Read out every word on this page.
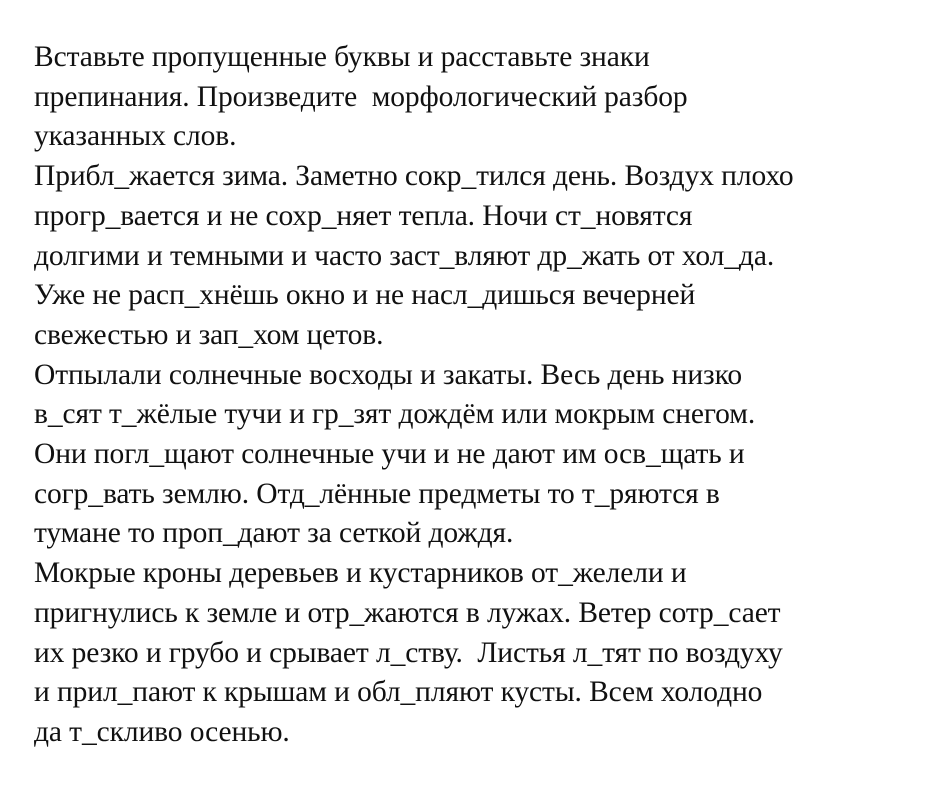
Вставьте пропущенные буквы и расставьте знаки
препинания. Произведите  морфологический разбор
указанных слов.
Прибл_жается зима. Заметно сокр_тился день. Воздух плохо
прогр_вается и не сохр_няет тепла. Ночи ст_новятся
долгими и темными и часто заст_вляют др_жать от хол_да.
Уже не расп_хнёшь окно и не насл_дишься вечерней
свежестью и зап_хом цетов.
Отпылали солнечные восходы и закаты. Весь день низко
в_сят т_жёлые тучи и гр_зят дождём или мокрым снегом.
Они погл_щают солнечные учи и не дают им осв_щать и
согр_вать землю. Отд_лённые предметы то т_ряются в
тумане то проп_дают за сеткой дождя.
Мокрые кроны деревьев и кустарников от_желели и
пригнулись к земле и отр_жаются в лужах. Ветер сотр_сает
их резко и грубо и срывает л_ству.  Листья л_тят по воздуху
и прил_пают к крышам и обл_пляют кусты. Всем холодно
да т_скливо осенью.
